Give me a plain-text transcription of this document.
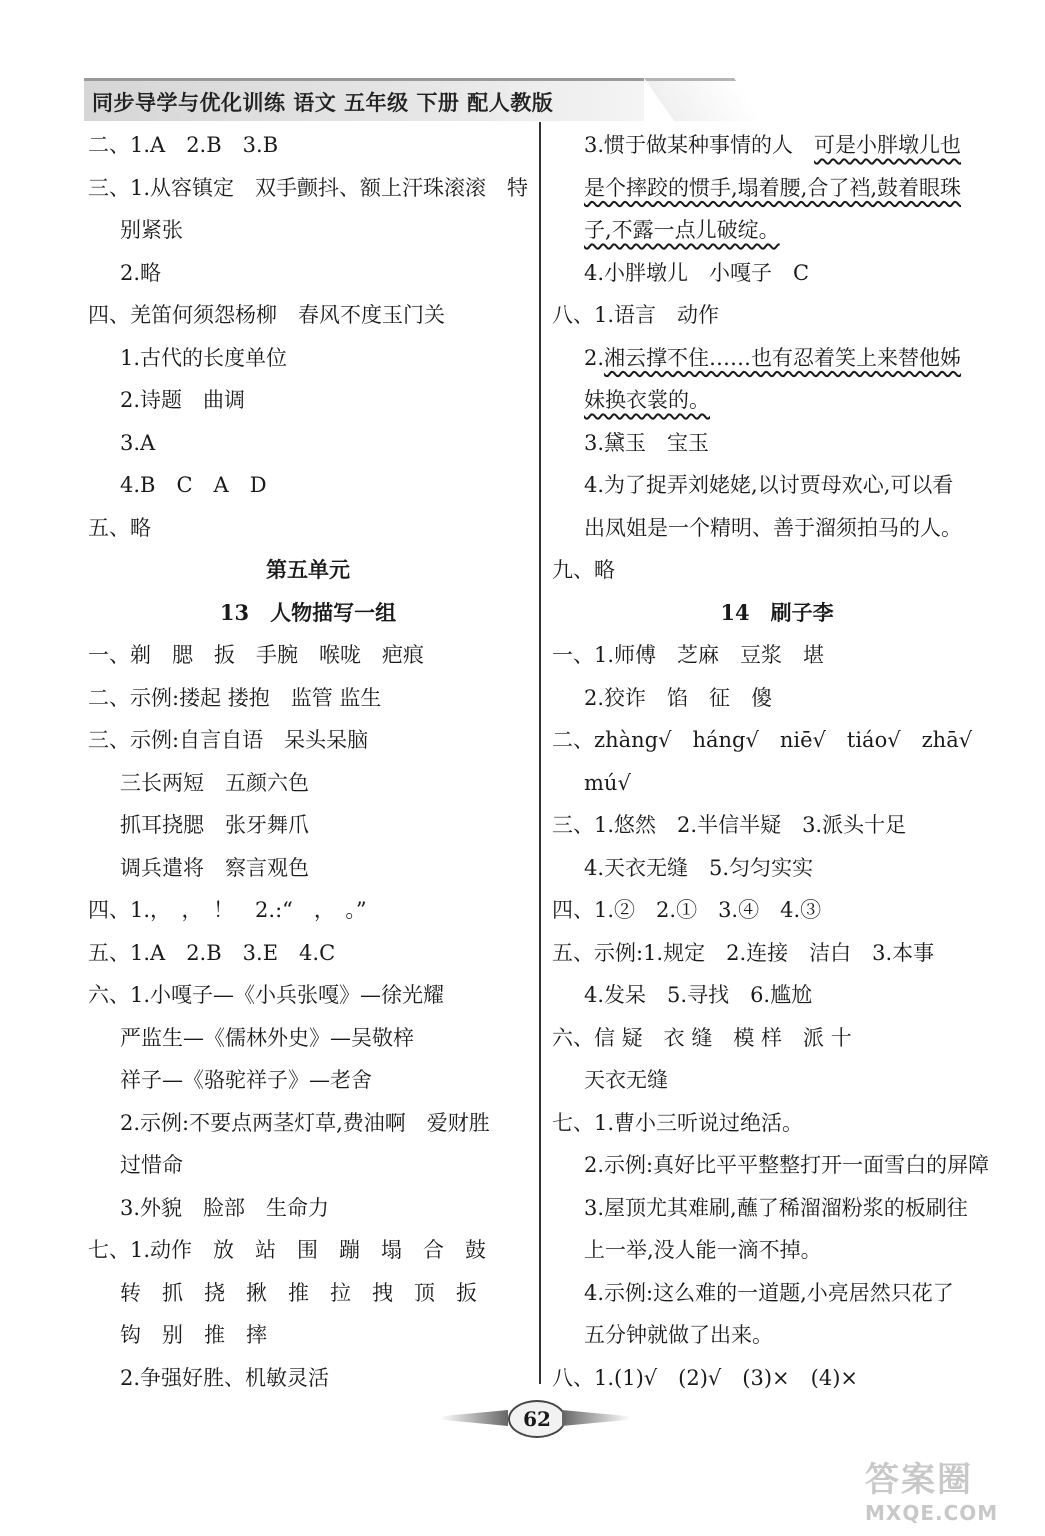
同步导学与优化训练 语文 五年级 下册 配人教版
二、1.A　2.B　3.B
三、1.从容镇定　双手颤抖、额上汗珠滚滚　特
别紧张
2.略
四、羌笛何须怨杨柳　春风不度玉门关
1.古代的长度单位
2.诗题　曲调
3.A
4.B　C　A　D
五、略
第五单元
13　人物描写一组
一、剃　腮　扳　手腕　喉咙　疤痕
二、示例:搂起 搂抱　监管 监生
三、示例:自言自语　呆头呆脑
三长两短　五颜六色
抓耳挠腮　张牙舞爪
调兵遣将　察言观色
四、1.，　，　！　2.:“　，　。”
五、1.A　2.B　3.E　4.C
六、1.小嘎子—《小兵张嘎》—徐光耀
严监生—《儒林外史》—吴敬梓
祥子—《骆驼祥子》—老舍
2.示例:不要点两茎灯草,费油啊　爱财胜
过惜命
3.外貌　脸部　生命力
七、1.动作　放　站　围　蹦　塌　合　鼓
转　抓　挠　揪　推　拉　拽　顶　扳
钩　别　推　摔
2.争强好胜、机敏灵活
3.惯于做某种事情的人　可是小胖墩儿也
是个摔跤的惯手,塌着腰,合了裆,鼓着眼珠
子,不露一点儿破绽。
4.小胖墩儿　小嘎子　C
八、1.语言　动作
2.湘云撑不住……也有忍着笑上来替他姊
妹换衣裳的。
3.黛玉　宝玉
4.为了捉弄刘姥姥,以讨贾母欢心,可以看
出凤姐是一个精明、善于溜须拍马的人。
九、略
14　刷子李
一、1.师傅　芝麻　豆浆　堪
2.狡诈　馅　征　傻
二、zhàng√　háng√　niē√　tiáo√　zhā√
mú√
三、1.悠然　2.半信半疑　3.派头十足
4.天衣无缝　5.匀匀实实
四、1.②　2.①　3.④　4.③
五、示例:1.规定　2.连接　洁白　3.本事
4.发呆　5.寻找　6.尴尬
六、信 疑　衣 缝　模 样　派 十
天衣无缝
七、1.曹小三听说过绝活。
2.示例:真好比平平整整打开一面雪白的屏障
3.屋顶尤其难刷,蘸了稀溜溜粉浆的板刷往
上一举,没人能一滴不掉。
4.示例:这么难的一道题,小亮居然只花了
五分钟就做了出来。
八、1.(1)√　(2)√　(3)×　(4)×
62
答案圈
MXQE.COM
